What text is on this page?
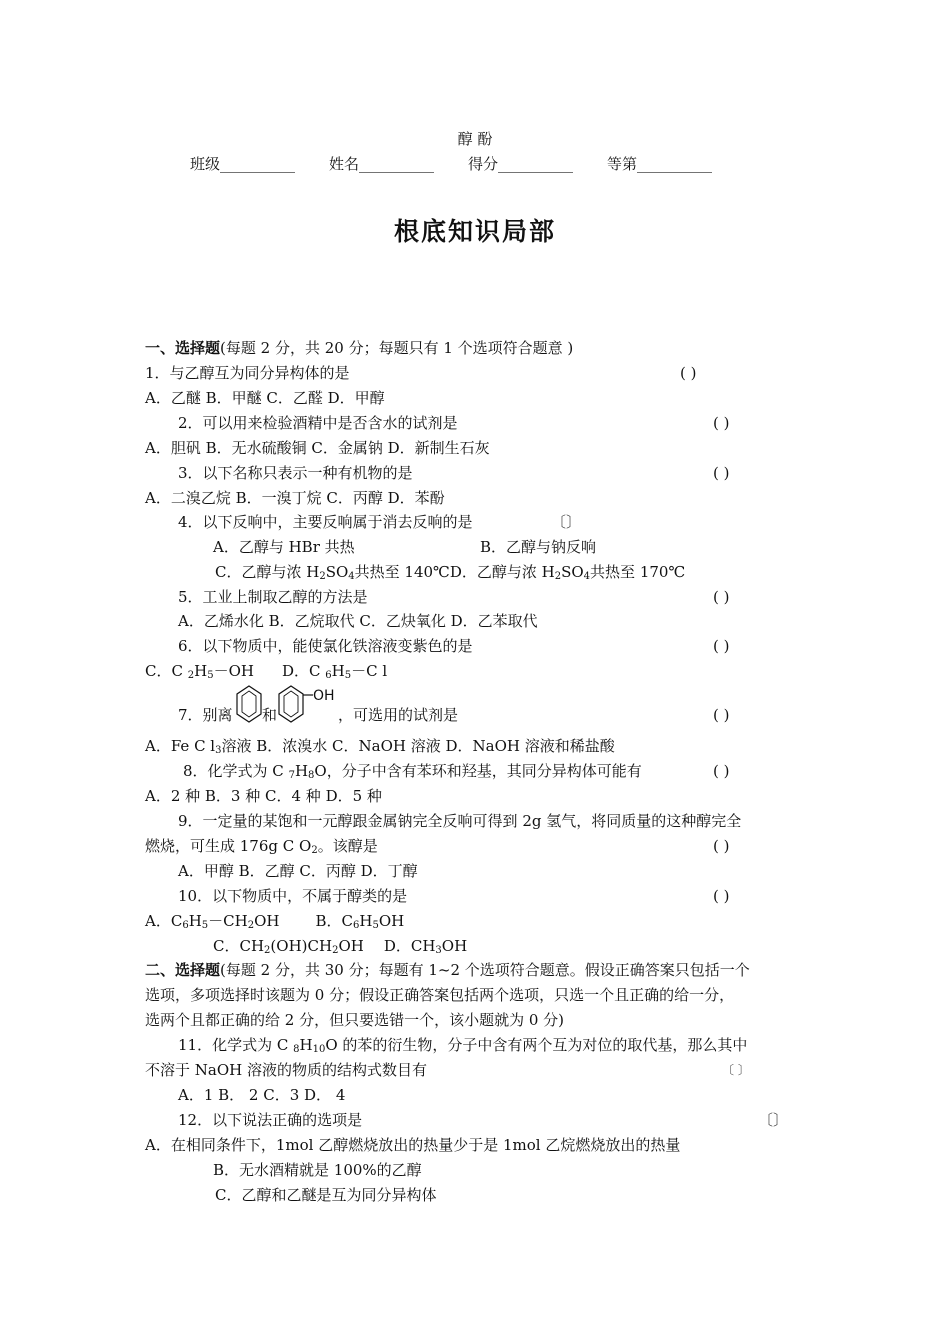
醇 酚
班级__________ 姓名__________ 得分__________ 等第__________
根底知识局部
一、选择题(每题 2 分，共 20 分；每题只有 1 个选项符合题意 )
1．与乙醇互为同分异构体的是	( )
A．乙醚 B．甲醚 C．乙醛 D．甲醇
2．可以用来检验酒精中是否含水的试剂是	( )
A．胆矾 B．无水硫酸铜 C．金属钠 D．新制生石灰
3．以下名称只表示一种有机物的是	( )
A．二溴乙烷 B．一溴丁烷 C．丙醇 D．苯酚
4．以下反响中，主要反响属于消去反响的是	〔〕
A．乙醇与 HBr 共热	B．乙醇与钠反响
C．乙醇与浓 $H_2SO_4$共热至 140℃D．乙醇与浓 $H_2SO_4$共热至 170℃
5．工业上制取乙醇的方法是	( )
A．乙烯水化 B．乙烷取代 C．乙炔氧化 D．乙苯取代
6．以下物质中，能使氯化铁溶液变紫色的是	( )
C．C $_2H_5-OH$ D．C $_6H_5-C$ l
7．别离 和
OH
，可选用的试剂是	( )
A．Fe C $l_3$溶液 B．浓溴水 C．NaOH 溶液 D．NaOH 溶液和稀盐酸
8．化学式为 C $_7H_8O$，分子中含有苯环和羟基，其同分异构体可能有	( )
A．2 种 B．3 种 C．4 种 D．5 种
9．一定量的某饱和一元醇跟金属钠完全反响可得到 2g 氢气，将同质量的这种醇完全
燃烧，可生成 176g C $O_2$。该醇是	( )
A．甲醇 B．乙醇 C．丙醇 D．丁醇
10．以下物质中，不属于醇类的是	( )
A．$C_6H_5-CH_2OH$ B．$C_6H_5OH$
C．$CH_2(OH)CH_2OH$ D．$CH_3OH$
二、选择题(每题 2 分，共 30 分；每题有 1~2 个选项符合题意。假设正确答案只包括一个
选项，多项选择时该题为 0 分；假设正确答案包括两个选项，只选一个且正确的给一分，
选两个且都正确的给 2 分，但只要选错一个，该小题就为 0 分)
11．化学式为 C $_8H_{10}O$ 的苯的衍生物，分子中含有两个互为对位的取代基，那么其中
不溶于 NaOH 溶液的物质的结构式数目有	〔 〕
A．1 B． 2 C．3 D． 4
12．以下说法正确的选项是	〔〕
A．在相同条件下，1mol 乙醇燃烧放出的热量少于是 1mol 乙烷燃烧放出的热量
B．无水酒精就是 100%的乙醇
C．乙醇和乙醚是互为同分异构体
